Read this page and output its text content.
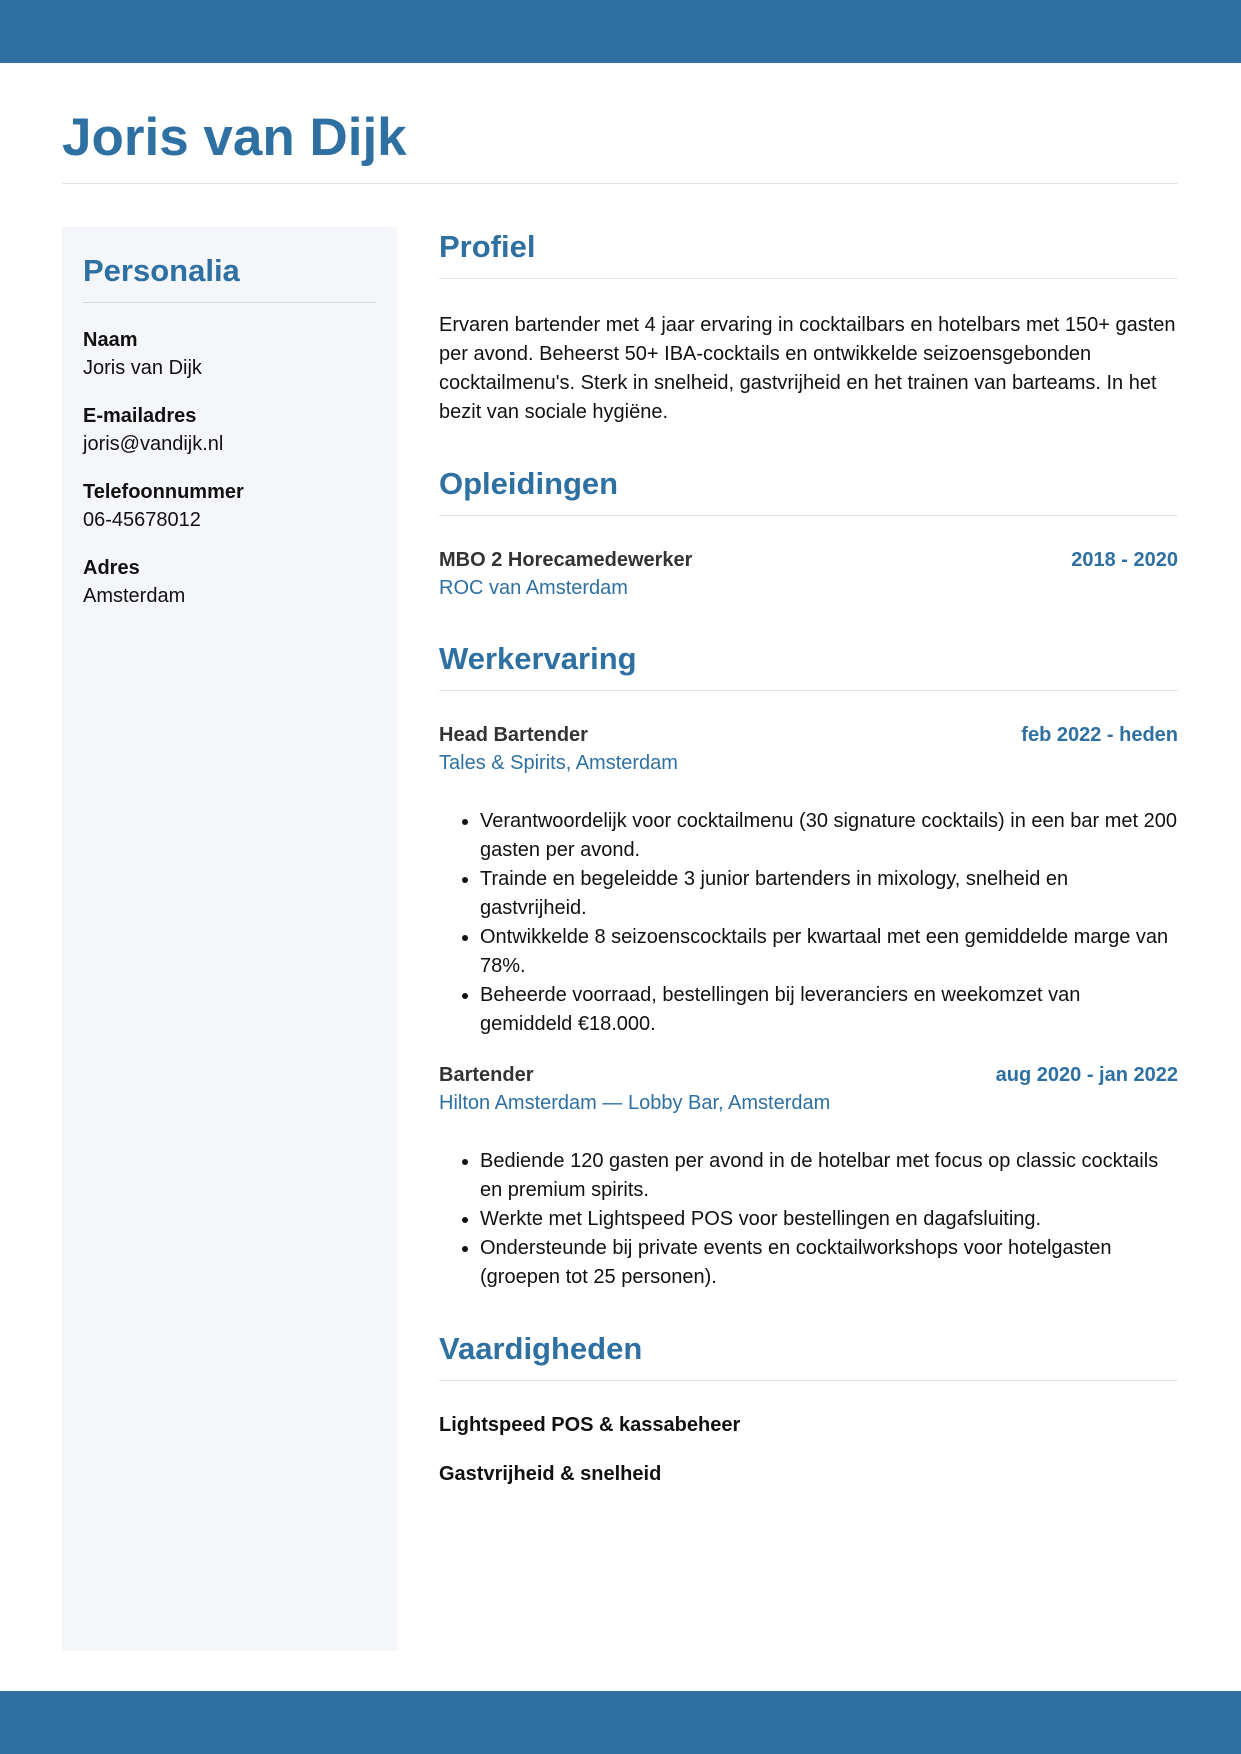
Joris van Dijk
Personalia
Naam
Joris van Dijk
E-mailadres
joris@vandijk.nl
Telefoonnummer
06-45678012
Adres
Amsterdam
Profiel

Ervaren bartender met 4 jaar ervaring in cocktailbars en hotelbars met 150+ gasten per avond. Beheerst 50+ IBA-cocktails en ontwikkelde seizoensgebonden cocktailmenu's. Sterk in snelheid, gastvrijheid en het trainen van barteams. In het bezit van sociale hygiëne.

Opleidingen
MBO 2 Horecamedewerker	2018 - 2020
ROC van Amsterdam
Werkervaring
Head Bartender	feb 2022 - heden
Tales & Spirits, Amsterdam
• Verantwoordelijk voor cocktailmenu (30 signature cocktails) in een bar met 200 gasten per avond.
• Trainde en begeleidde 3 junior bartenders in mixology, snelheid en gastvrijheid.
• Ontwikkelde 8 seizoenscocktails per kwartaal met een gemiddelde marge van 78%.
• Beheerde voorraad, bestellingen bij leveranciers en weekomzet van gemiddeld €18.000.
Bartender	aug 2020 - jan 2022
Hilton Amsterdam — Lobby Bar, Amsterdam
• Bediende 120 gasten per avond in de hotelbar met focus op classic cocktails en premium spirits.
• Werkte met Lightspeed POS voor bestellingen en dagafsluiting.
• Ondersteunde bij private events en cocktailworkshops voor hotelgasten (groepen tot 25 personen).
Vaardigheden
Lightspeed POS & kassabeheer
Gastvrijheid & snelheid
